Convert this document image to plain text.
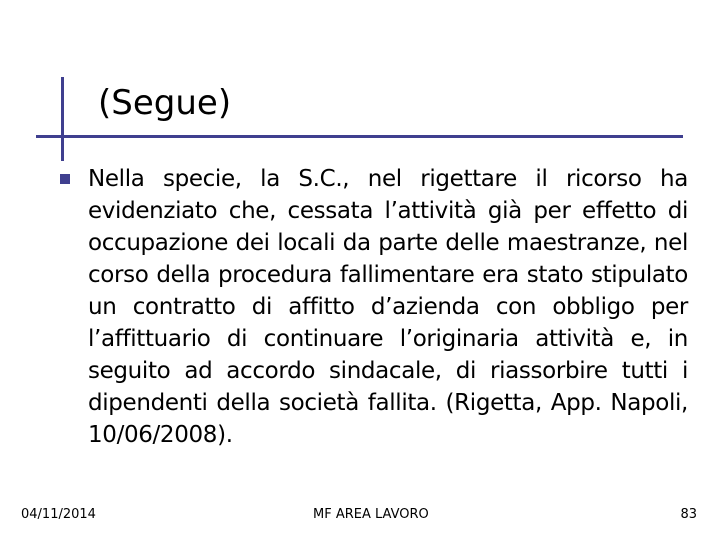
(Segue)

Nella specie, la S.C., nel rigettare il ricorso ha evidenziato che, cessata l’attività già per effetto di occupazione dei locali da parte delle maestranze, nel corso della procedura fallimentare era stato stipulato un contratto di affitto d’azienda con obbligo per l’affittuario di continuare l’originaria attività e, in seguito ad accordo sindacale, di riassorbire tutti i dipendenti della società fallita. (Rigetta, App. Napoli, 10/06/2008).

04/11/2014	MF AREA LAVORO	83
